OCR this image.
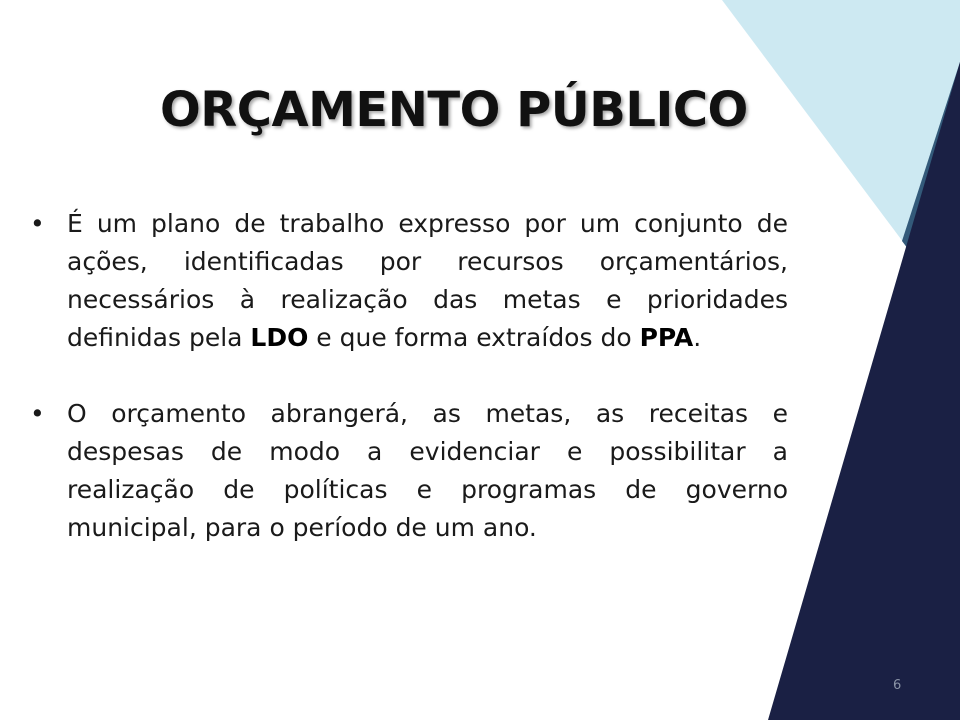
ORÇAMENTO PÚBLICO
• É um plano de trabalho expresso por um conjunto de ações, identificadas por recursos orçamentários, necessários à realização das metas e prioridades definidas pela LDO e que forma extraídos do PPA.
• O orçamento abrangerá, as metas, as receitas e despesas de modo a evidenciar e possibilitar a realização de políticas e programas de governo municipal, para o período de um ano.
6
